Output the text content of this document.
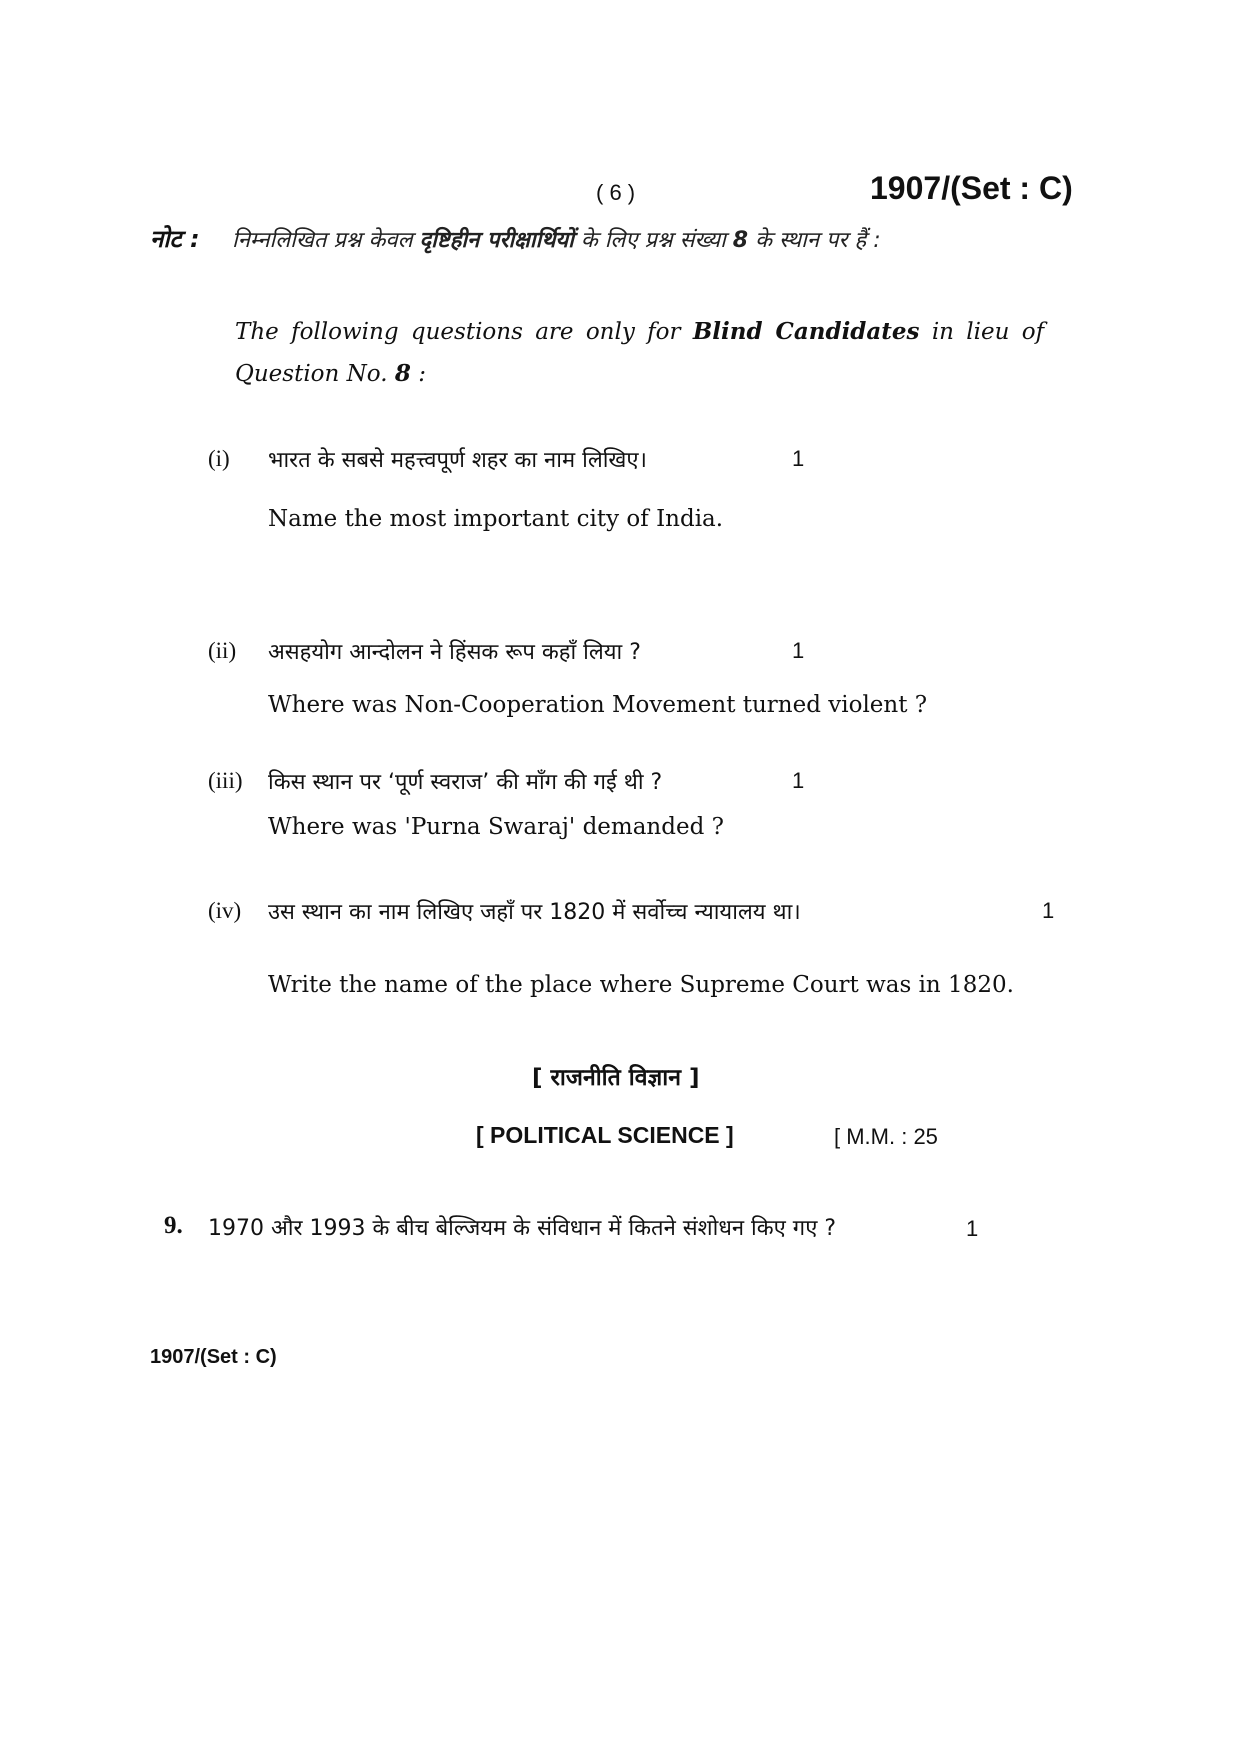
( 6 )	1907/(Set : C)
नोट : निम्नलिखित प्रश्न केवल दृष्टिहीन परीक्षार्थियों के लिए प्रश्न संख्या 8 के स्थान पर हैं :
The following questions are only for Blind Candidates in lieu of
Question No. 8 :
(i) भारत के सबसे महत्त्वपूर्ण शहर का नाम लिखिए।	1
Name the most important city of India.
(ii) असहयोग आन्दोलन ने हिंसक रूप कहाँ लिया ?	1
Where was Non-Cooperation Movement turned violent ?
(iii) किस स्थान पर ‘पूर्ण स्वराज’ की माँग की गई थी ?	1
Where was 'Purna Swaraj' demanded ?
(iv) उस स्थान का नाम लिखिए जहाँ पर 1820 में सर्वोच्च न्यायालय था।	1
Write the name of the place where Supreme Court was in 1820.
[ राजनीति विज्ञान ]
[ POLITICAL SCIENCE ]	[ M.M. : 25
9. 1970 और 1993 के बीच बेल्जियम के संविधान में कितने संशोधन किए गए ?	1
1907/(Set : C)
